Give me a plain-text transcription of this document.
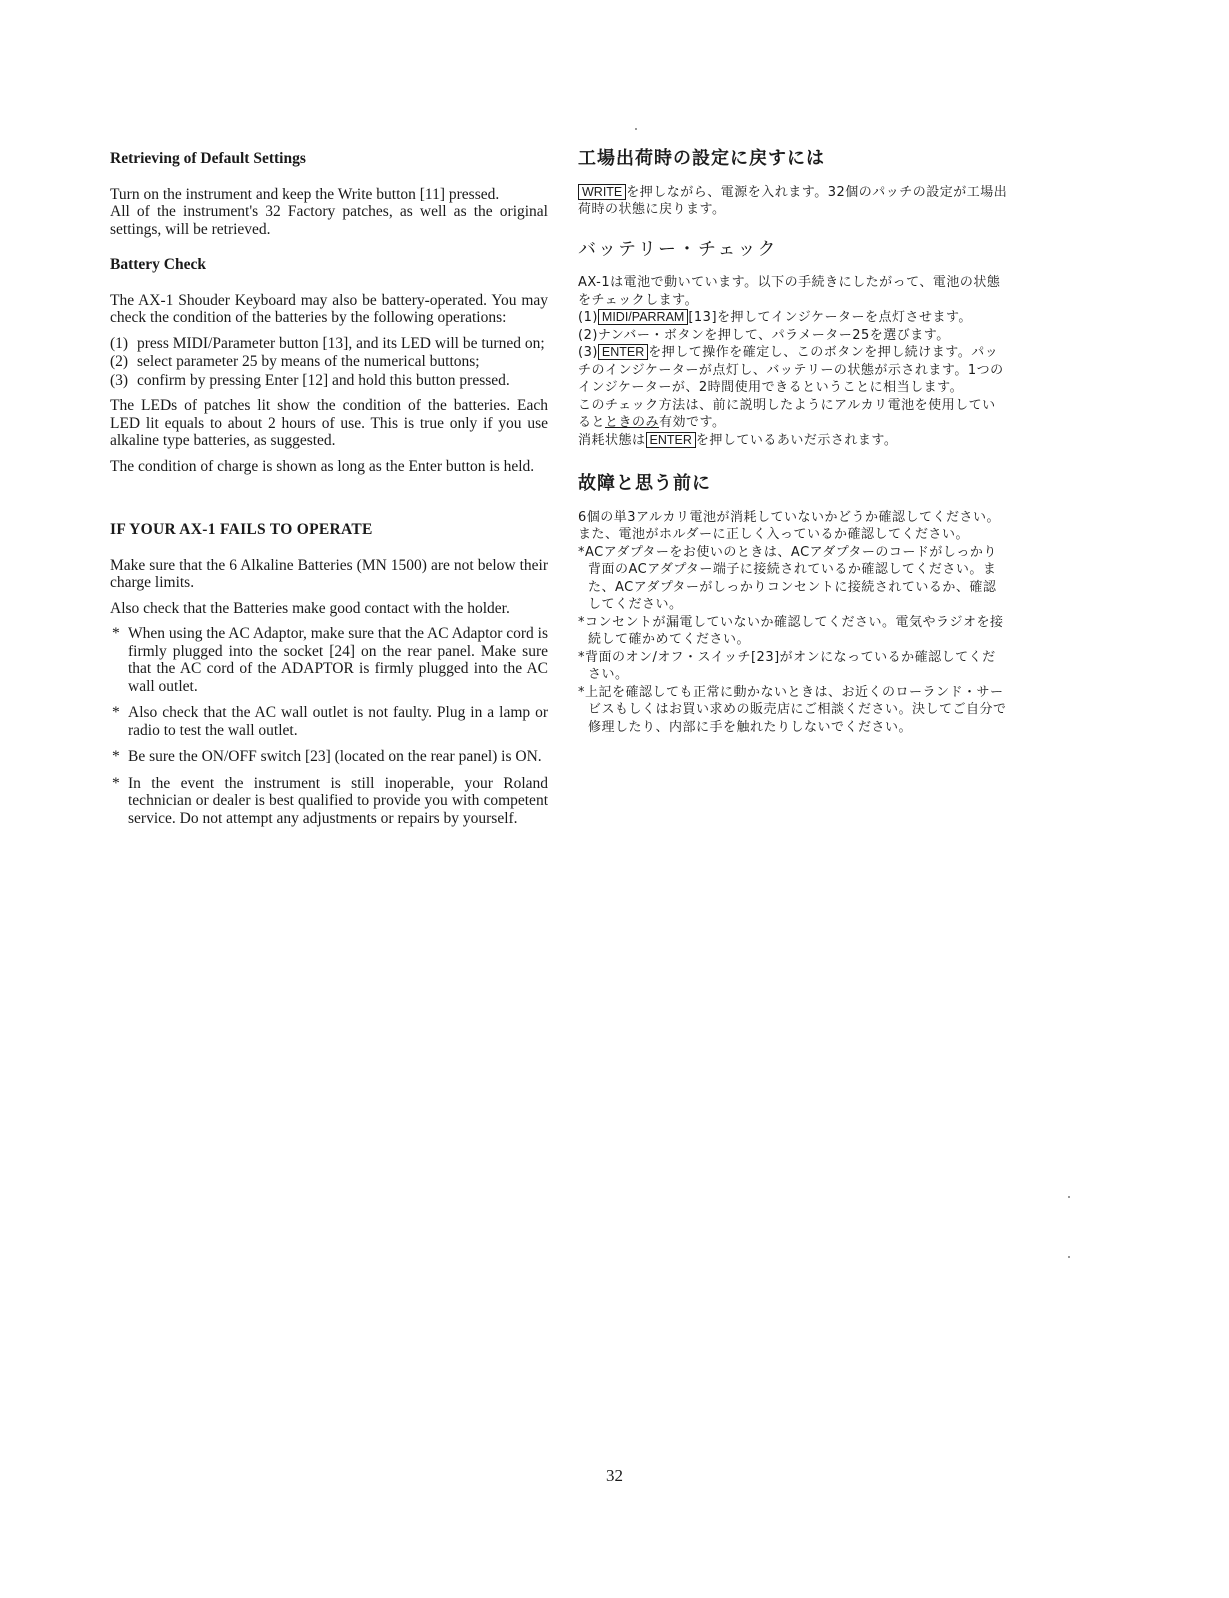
Retrieving of Default Settings

Turn on the instrument and keep the Write button [11] pressed.

All of the instrument's 32 Factory patches, as well as the original settings, will be retrieved.

Battery Check

The AX-1 Shouder Keyboard may also be battery-operated. You may check the condition of the batteries by the following operations:

(1) press MIDI/Parameter button [13], and its LED will be turned on;
(2) select parameter 25 by means of the numerical buttons;
(3) confirm by pressing Enter [12] and hold this button pressed.

The LEDs of patches lit show the condition of the batteries. Each LED lit equals to about 2 hours of use. This is true only if you use alkaline type batteries, as suggested.

The condition of charge is shown as long as the Enter button is held.

IF YOUR AX-1 FAILS TO OPERATE

Make sure that the 6 Alkaline Batteries (MN 1500) are not below their charge limits.

Also check that the Batteries make good contact with the holder.

* When using the AC Adaptor, make sure that the AC Adaptor cord is firmly plugged into the socket [24] on the rear panel. Make sure that the AC cord of the ADAPTOR is firmly plugged into the AC wall outlet.
* Also check that the AC wall outlet is not faulty. Plug in a lamp or radio to test the wall outlet.
* Be sure the ON/OFF switch [23] (located on the rear panel) is ON.
* In the event the instrument is still inoperable, your Roland technician or dealer is best qualified to provide you with competent service. Do not attempt any adjustments or repairs by yourself.
工場出荷時の設定に戻すには

WRITE を押しながら、電源を入れます。32個のパッチの設定が工場出荷時の状態に戻ります。

バッテリー・チェック

AX-1は電池で動いています。以下の手続きにしたがって、電池の状態をチェックします。

(1) MIDI/PARRAM [13]を押してインジケーターを点灯させます。

(2)ナンバー・ボタンを押して、パラメーター25を選びます。

(3) ENTER を押して操作を確定し、このボタンを押し続けます。パッチのインジケーターが点灯し、バッテリーの状態が示されます。1つのインジケーターが、2時間使用できるということに相当します。

このチェック方法は、前に説明したようにアルカリ電池を使用しているとときのみ有効です。

消耗状態は ENTER を押しているあいだ示されます。

故障と思う前に

6個の単3アルカリ電池が消耗していないかどうか確認してください。

また、電池がホルダーに正しく入っているか確認してください。

*ACアダプターをお使いのときは、ACアダプターのコードがしっかり背面のACアダプター端子に接続されているか確認してください。また、ACアダプターがしっかりコンセントに接続されているか、確認してください。

*コンセントが漏電していないか確認してください。電気やラジオを接続して確かめてください。

*背面のオン/オフ・スイッチ[23]がオンになっているか確認してください。

*上記を確認しても正常に動かないときは、お近くのローランド・サービスもしくはお買い求めの販売店にご相談ください。決してご自分で修理したり、内部に手を触れたりしないでください。

32
